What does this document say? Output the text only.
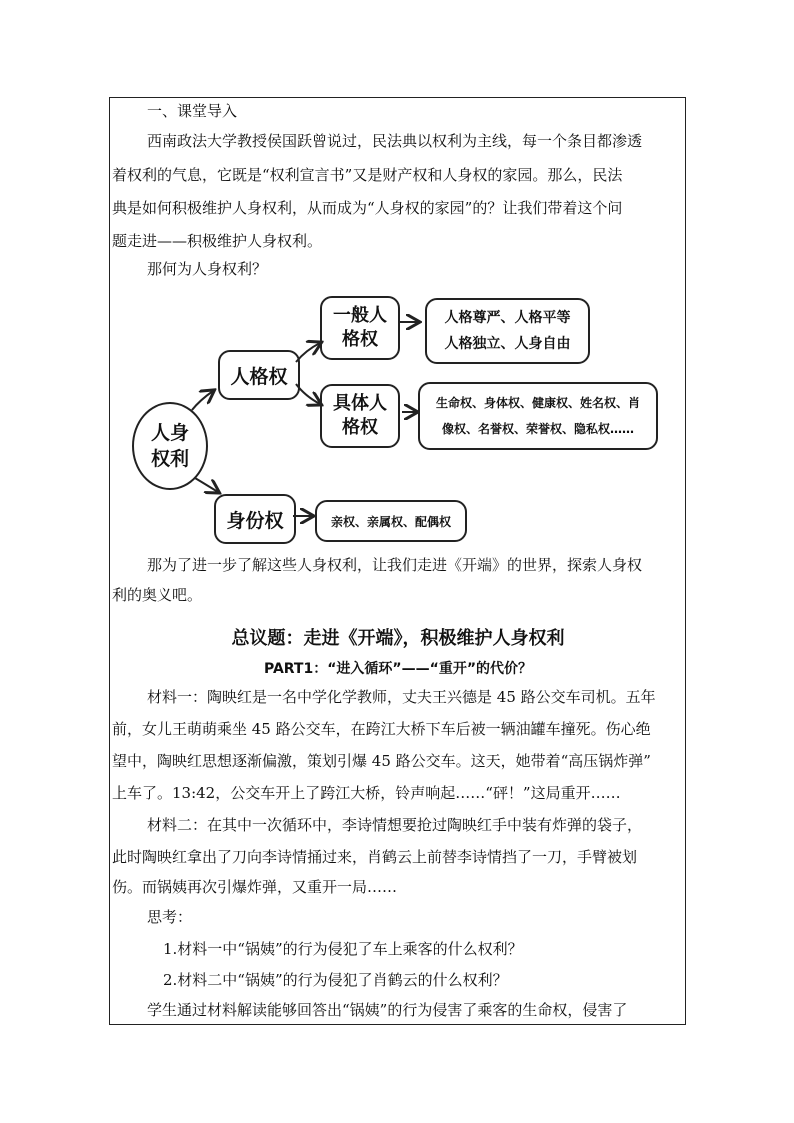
一、课堂导入
西南政法大学教授侯国跃曾说过，民法典以权利为主线，每一个条目都渗透
着权利的气息，它既是“权利宣言书”又是财产权和人身权的家园。那么，民法
典是如何积极维护人身权利，从而成为“人身权的家园”的？让我们带着这个问
题走进——积极维护人身权利。
那何为人身权利？
人身
权利
人格权
一般人
格权
人格尊严、人格平等
人格独立、人身自由
具体人
格权
生命权、身体权、健康权、姓名权、肖
像权、名誉权、荣誉权、隐私权……
身份权	亲权、亲属权、配偶权
那为了进一步了解这些人身权利，让我们走进《开端》的世界，探索人身权
利的奥义吧。
总议题：走进《开端》，积极维护人身权利
PART1：“进入循环”——“重开”的代价？
材料一：陶映红是一名中学化学教师，丈夫王兴德是 45 路公交车司机。五年
前，女儿王萌萌乘坐 45 路公交车，在跨江大桥下车后被一辆油罐车撞死。伤心绝
望中，陶映红思想逐渐偏激，策划引爆 45 路公交车。这天，她带着“高压锅炸弹”
上车了。13:42，公交车开上了跨江大桥，铃声响起……“砰！”这局重开……
材料二：在其中一次循环中，李诗情想要抢过陶映红手中装有炸弹的袋子，
此时陶映红拿出了刀向李诗情捅过来，肖鹤云上前替李诗情挡了一刀，手臂被划
伤。而锅姨再次引爆炸弹，又重开一局……
思考：
1.材料一中“锅姨”的行为侵犯了车上乘客的什么权利？
2.材料二中“锅姨”的行为侵犯了肖鹤云的什么权利？
学生通过材料解读能够回答出“锅姨”的行为侵害了乘客的生命权，侵害了
